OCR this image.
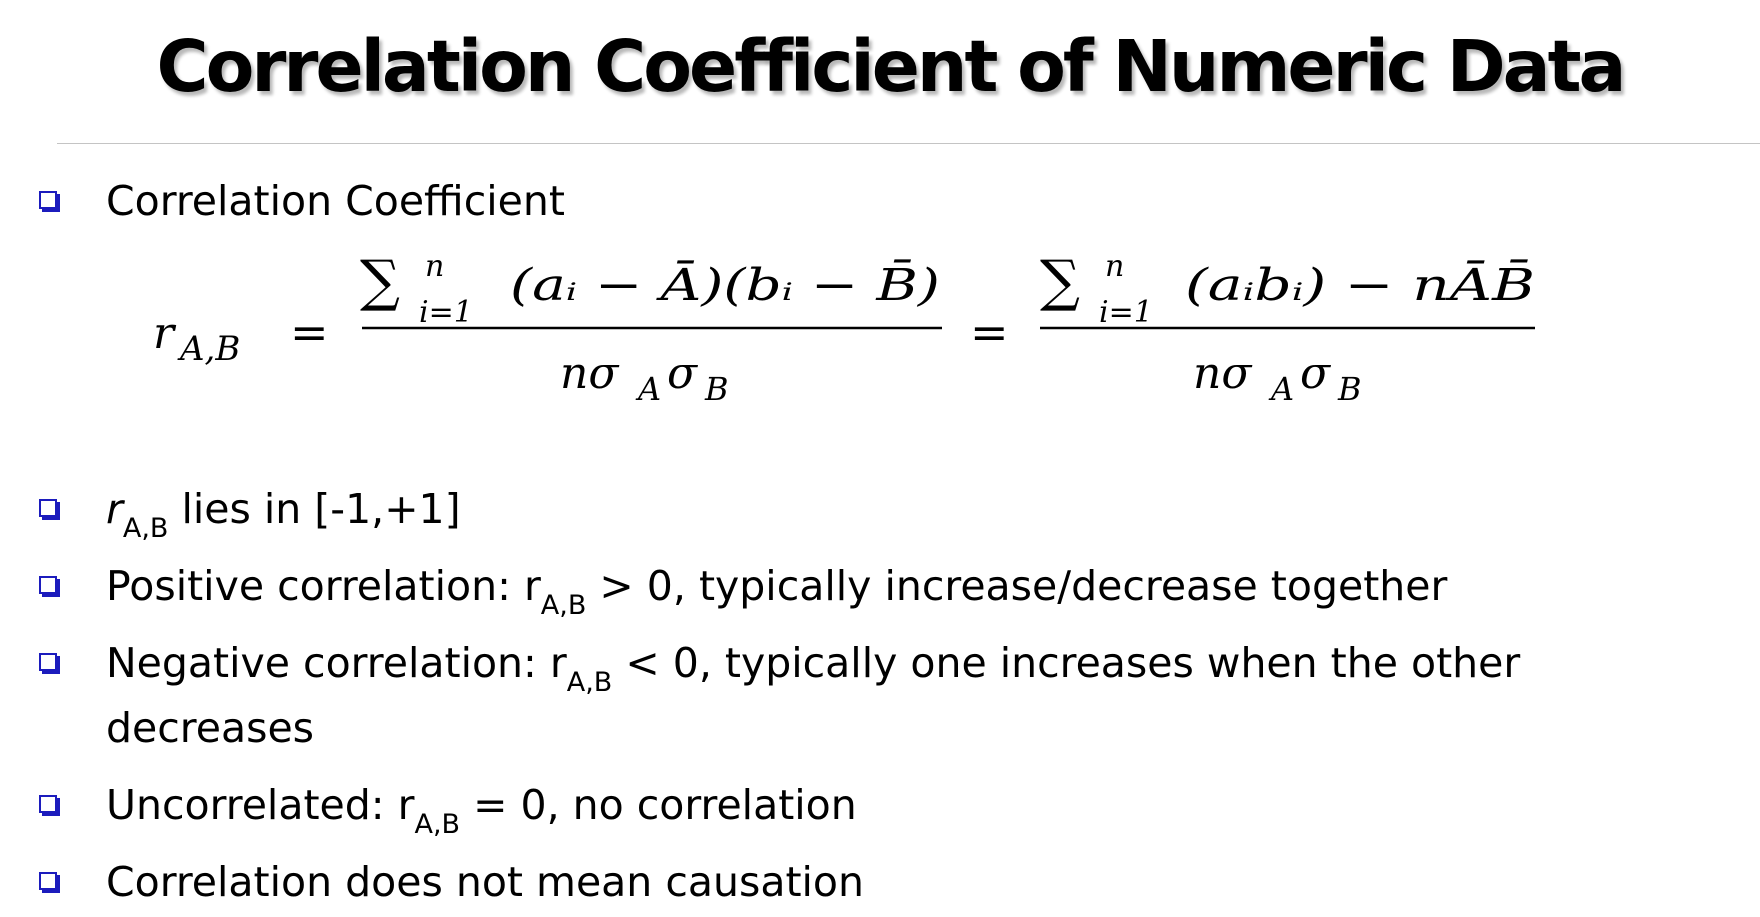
Correlation Coefficient of Numeric Data
Correlation Coefficient
r A,B =
∑ n
i=1
(aᵢ − Ā)(bᵢ − B̄)
nσ A σ B
=
∑ n
i=1
(aᵢbᵢ) − nĀB̄
nσ A σ B
$r_{A,B}$ lies in [-1,+1]
Positive correlation: $r_{A,B} > 0$, typically increase/decrease together
Negative correlation: $r_{A,B} < 0$, typically one increases when the other
decreases
Uncorrelated: $r_{A,B} = 0$, no correlation
Correlation does not mean causation
